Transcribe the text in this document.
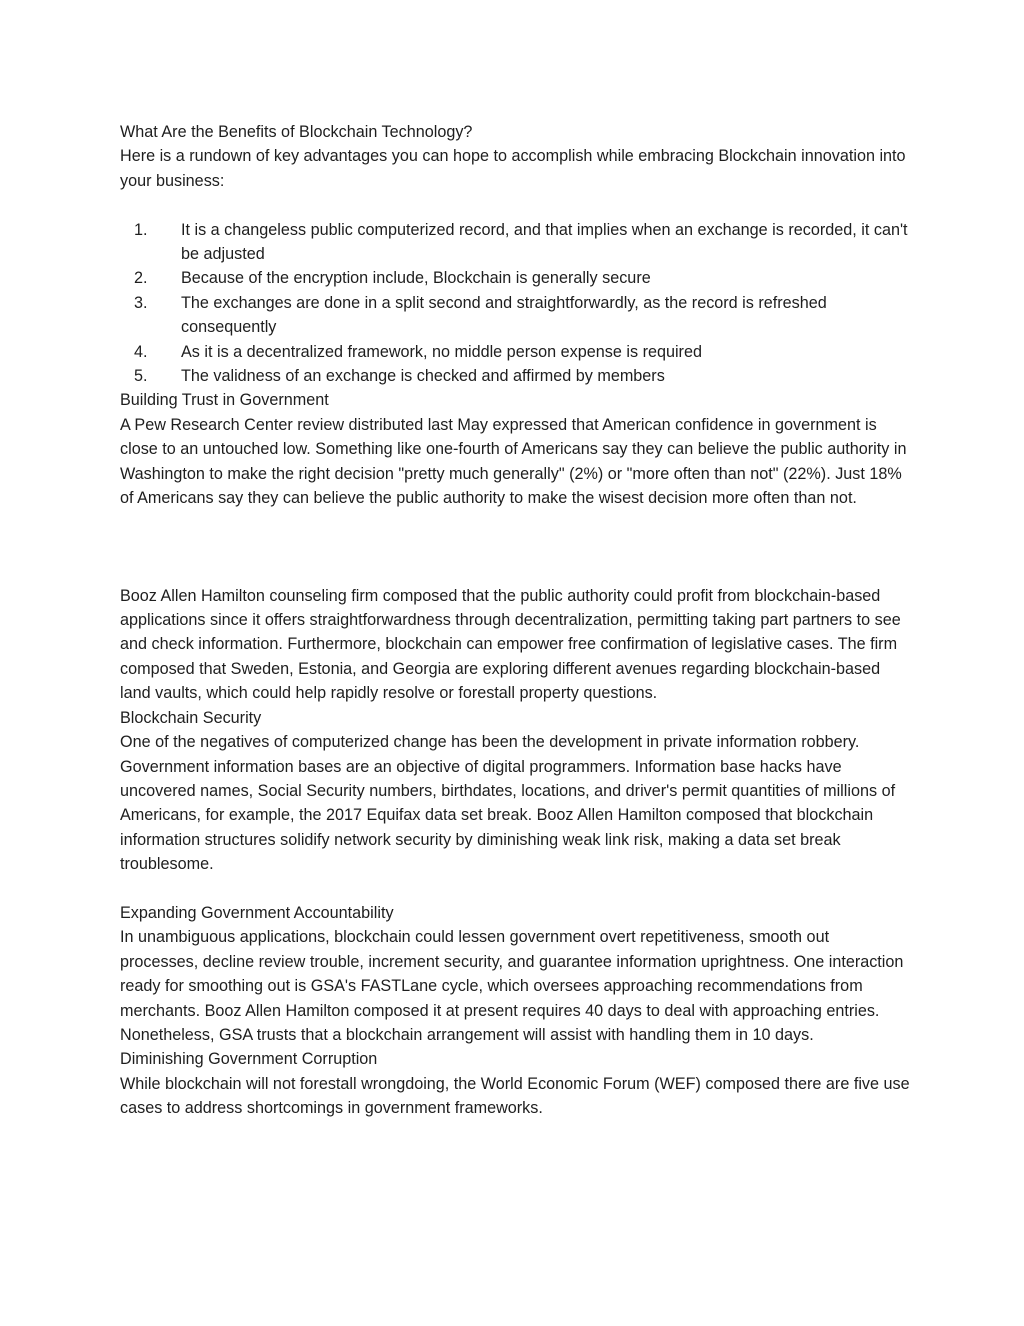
What Are the Benefits of Blockchain Technology?

Here is a rundown of key advantages you can hope to accomplish while embracing Blockchain innovation into your business:

1. It is a changeless public computerized record, and that implies when an exchange is recorded, it can't be adjusted
2. Because of the encryption include, Blockchain is generally secure
3. The exchanges are done in a split second and straightforwardly, as the record is refreshed consequently
4. As it is a decentralized framework, no middle person expense is required
5. The validness of an exchange is checked and affirmed by members

Building Trust in Government

A Pew Research Center review distributed last May expressed that American confidence in government is close to an untouched low. Something like one-fourth of Americans say they can believe the public authority in Washington to make the right decision "pretty much generally" (2%) or "more often than not" (22%). Just 18% of Americans say they can believe the public authority to make the wisest decision more often than not.

Booz Allen Hamilton counseling firm composed that the public authority could profit from blockchain-based applications since it offers straightforwardness through decentralization, permitting taking part partners to see and check information. Furthermore, blockchain can empower free confirmation of legislative cases. The firm composed that Sweden, Estonia, and Georgia are exploring different avenues regarding blockchain-based land vaults, which could help rapidly resolve or forestall property questions.

Blockchain Security

One of the negatives of computerized change has been the development in private information robbery. Government information bases are an objective of digital programmers. Information base hacks have uncovered names, Social Security numbers, birthdates, locations, and driver's permit quantities of millions of Americans, for example, the 2017 Equifax data set break. Booz Allen Hamilton composed that blockchain information structures solidify network security by diminishing weak link risk, making a data set break troublesome.

Expanding Government Accountability

In unambiguous applications, blockchain could lessen government overt repetitiveness, smooth out processes, decline review trouble, increment security, and guarantee information uprightness. One interaction ready for smoothing out is GSA's FASTLane cycle, which oversees approaching recommendations from merchants. Booz Allen Hamilton composed it at present requires 40 days to deal with approaching entries. Nonetheless, GSA trusts that a blockchain arrangement will assist with handling them in 10 days.

Diminishing Government Corruption

While blockchain will not forestall wrongdoing, the World Economic Forum (WEF) composed there are five use cases to address shortcomings in government frameworks.
